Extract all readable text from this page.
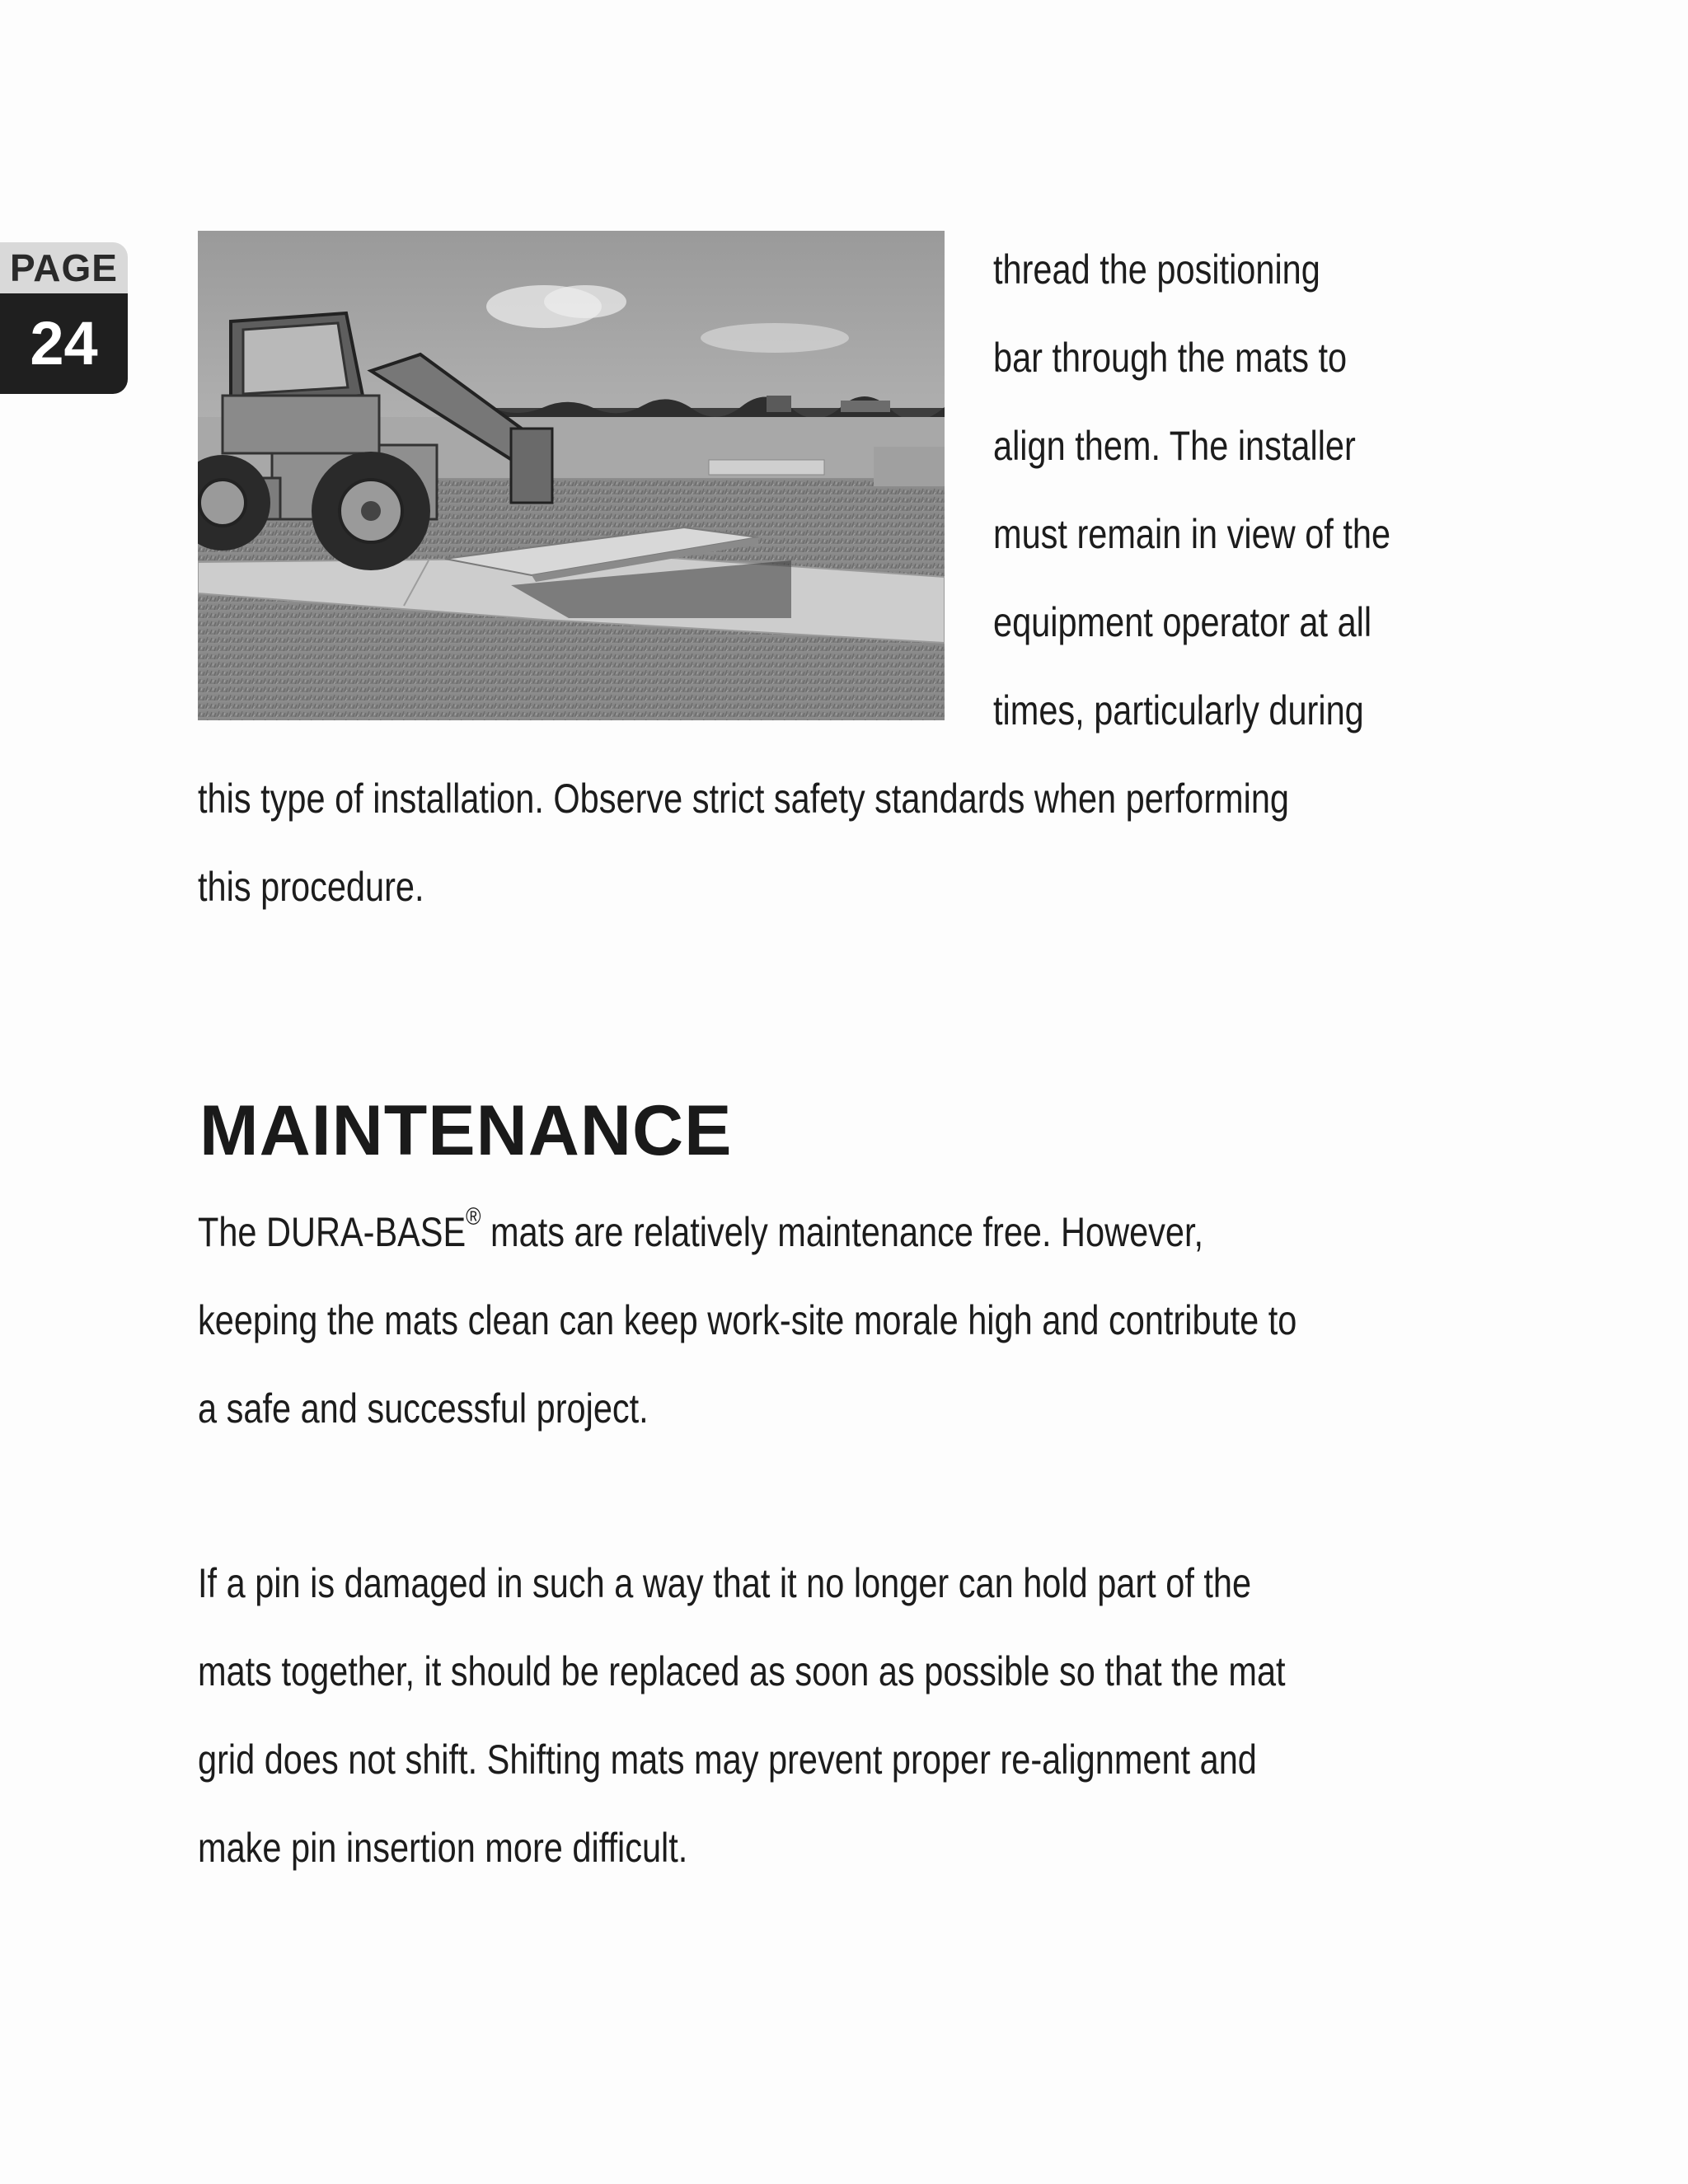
PAGE
24
thread the positioning
bar through the mats to
align them. The installer
must remain in view of the
equipment operator at all
times, particularly during
this type of installation. Observe strict safety standards when performing
this procedure.
MAINTENANCE
The DURA-BASE® mats are relatively maintenance free. However,
keeping the mats clean can keep work-site morale high and contribute to
a safe and successful project.
If a pin is damaged in such a way that it no longer can hold part of the
mats together, it should be replaced as soon as possible so that the mat
grid does not shift. Shifting mats may prevent proper re-alignment and
make pin insertion more difficult.
